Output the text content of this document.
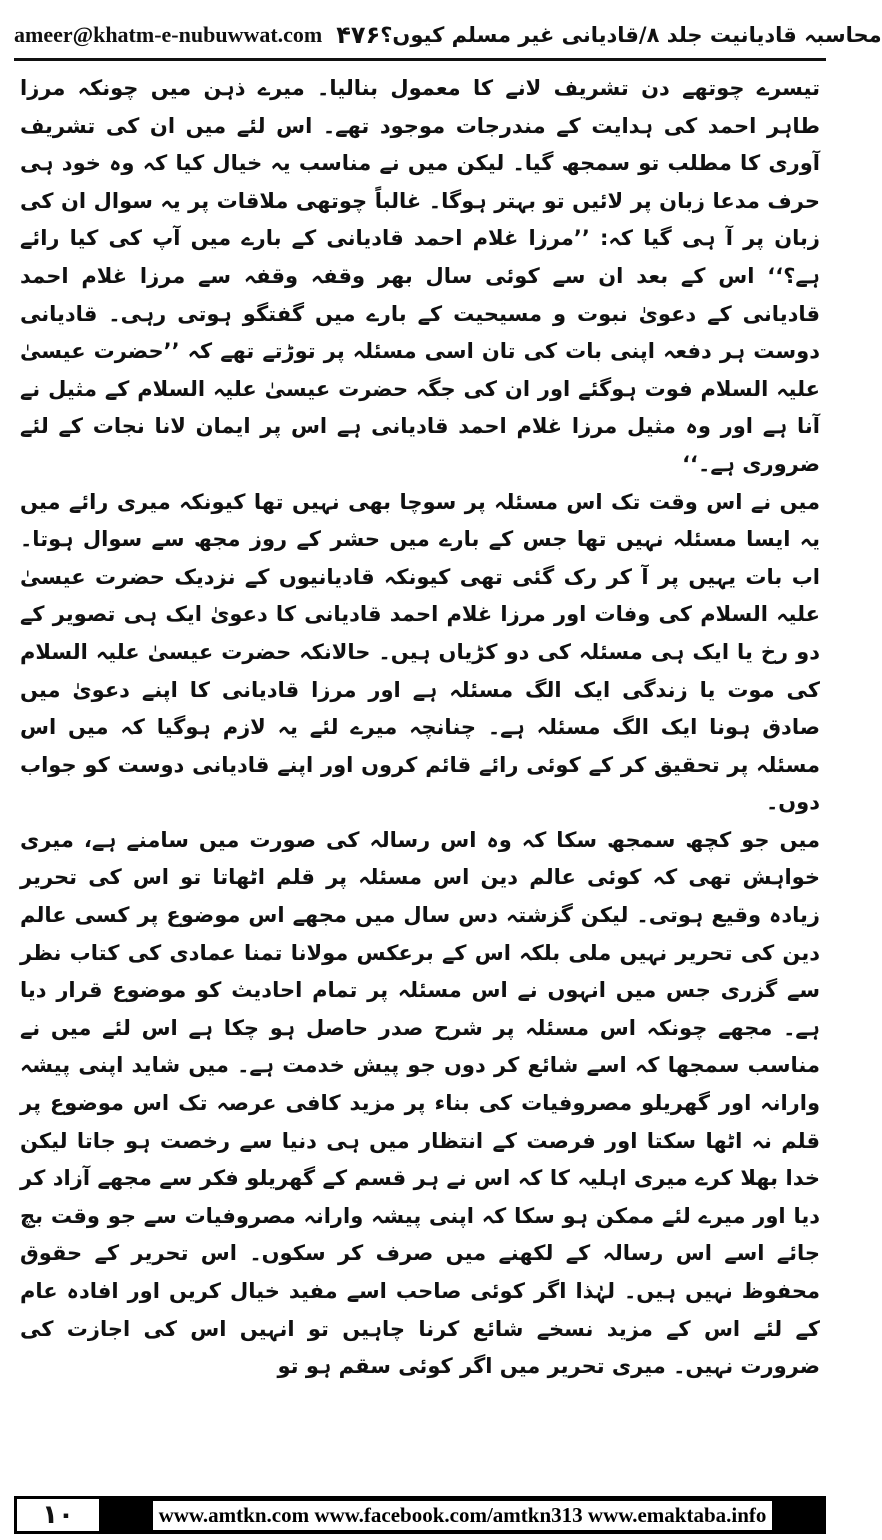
ameer@khatm-e-nubuwwat.com ۴۷۶ محاسبہ قادیانیت جلد ۸/قادیانی غیر مسلم کیوں؟

تیسرے چوتھے دن تشریف لانے کا معمول بنالیا۔ میرے ذہن میں چونکہ مرزا طاہر احمد کی ہدایت کے مندرجات موجود تھے۔ اس لئے میں ان کی تشریف آوری کا مطلب تو سمجھ گیا۔ لیکن میں نے مناسب یہ خیال کیا کہ وہ خود ہی حرف مدعا زبان پر لائیں تو بہتر ہوگا۔ غالباً چوتھی ملاقات پر یہ سوال ان کی زبان پر آ ہی گیا کہ: ’’مرزا غلام احمد قادیانی کے بارے میں آپ کی کیا رائے ہے؟‘‘ اس کے بعد ان سے کوئی سال بھر وقفہ وقفہ سے مرزا غلام احمد قادیانی کے دعویٰ نبوت و مسیحیت کے بارے میں گفتگو ہوتی رہی۔ قادیانی دوست ہر دفعہ اپنی بات کی تان اسی مسئلہ پر توڑتے تھے کہ ’’حضرت عیسیٰ علیہ السلام فوت ہوگئے اور ان کی جگہ حضرت عیسیٰ علیہ السلام کے مثیل نے آنا ہے اور وہ مثیل مرزا غلام احمد قادیانی ہے اس پر ایمان لانا نجات کے لئے ضروری ہے۔‘‘

میں نے اس وقت تک اس مسئلہ پر سوچا بھی نہیں تھا کیونکہ میری رائے میں یہ ایسا مسئلہ نہیں تھا جس کے بارے میں حشر کے روز مجھ سے سوال ہوتا۔ اب بات یہیں پر آ کر رک گئی تھی کیونکہ قادیانیوں کے نزدیک حضرت عیسیٰ علیہ السلام کی وفات اور مرزا غلام احمد قادیانی کا دعویٰ ایک ہی تصویر کے دو رخ یا ایک ہی مسئلہ کی دو کڑیاں ہیں۔ حالانکہ حضرت عیسیٰ علیہ السلام کی موت یا زندگی ایک الگ مسئلہ ہے اور مرزا قادیانی کا اپنے دعویٰ میں صادق ہونا ایک الگ مسئلہ ہے۔ چنانچہ میرے لئے یہ لازم ہوگیا کہ میں اس مسئلہ پر تحقیق کر کے کوئی رائے قائم کروں اور اپنے قادیانی دوست کو جواب دوں۔

میں جو کچھ سمجھ سکا کہ وہ اس رسالہ کی صورت میں سامنے ہے، میری خواہش تھی کہ کوئی عالم دین اس مسئلہ پر قلم اٹھاتا تو اس کی تحریر زیادہ وقیع ہوتی۔ لیکن گزشتہ دس سال میں مجھے اس موضوع پر کسی عالم دین کی تحریر نہیں ملی بلکہ اس کے برعکس مولانا تمنا عمادی کی کتاب نظر سے گزری جس میں انہوں نے اس مسئلہ پر تمام احادیث کو موضوع قرار دیا ہے۔ مجھے چونکہ اس مسئلہ پر شرح صدر حاصل ہو چکا ہے اس لئے میں نے مناسب سمجھا کہ اسے شائع کر دوں جو پیش خدمت ہے۔ میں شاید اپنی پیشہ وارانہ اور گھریلو مصروفیات کی بناء پر مزید کافی عرصہ تک اس موضوع پر قلم نہ اٹھا سکتا اور فرصت کے انتظار میں ہی دنیا سے رخصت ہو جاتا لیکن خدا بھلا کرے میری اہلیہ کا کہ اس نے ہر قسم کے گھریلو فکر سے مجھے آزاد کر دیا اور میرے لئے ممکن ہو سکا کہ اپنی پیشہ وارانہ مصروفیات سے جو وقت بچ جائے اسے اس رسالہ کے لکھنے میں صرف کر سکوں۔ اس تحریر کے حقوق محفوظ نہیں ہیں۔ لہٰذا اگر کوئی صاحب اسے مفید خیال کریں اور افادہ عام کے لئے اس کے مزید نسخے شائع کرنا چاہیں تو انہیں اس کی اجازت کی ضرورت نہیں۔ میری تحریر میں اگر کوئی سقم ہو تو

١٠	www.amtkn.com www.facebook.com/amtkn313 www.emaktaba.info
